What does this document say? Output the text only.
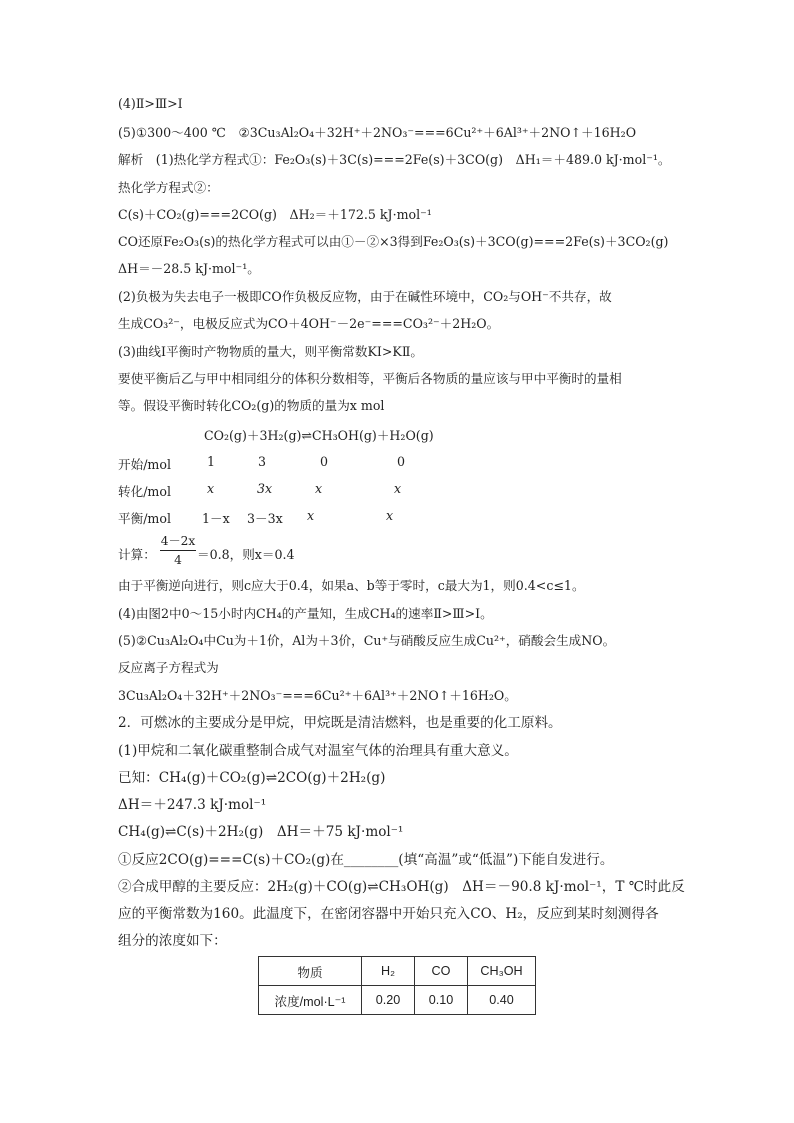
(4)Ⅱ>Ⅲ>Ⅰ
(5)①300～400 ℃　②3Cu₃Al₂O₄＋32H⁺＋2NO₃⁻===6Cu²⁺＋6Al³⁺＋2NO↑＋16H₂O
解析　(1)热化学方程式①：Fe₂O₃(s)＋3C(s)===2Fe(s)＋3CO(g)　ΔH₁＝＋489.0 kJ·mol⁻¹。
热化学方程式②：
C(s)＋CO₂(g)===2CO(g)　ΔH₂＝＋172.5 kJ·mol⁻¹
CO还原Fe₂O₃(s)的热化学方程式可以由①－②×3得到Fe₂O₃(s)＋3CO(g)===2Fe(s)＋3CO₂(g)
ΔH＝－28.5 kJ·mol⁻¹。
(2)负极为失去电子一极即CO作负极反应物，由于在碱性环境中，CO₂与OH⁻不共存，故
生成CO₃²⁻，电极反应式为CO＋4OH⁻－2e⁻===CO₃²⁻＋2H₂O。
(3)曲线Ⅰ平衡时产物物质的量大，则平衡常数KⅠ>KⅡ。
要使平衡后乙与甲中相同组分的体积分数相等，平衡后各物质的量应该与甲中平衡时的量相
等。假设平衡时转化CO₂(g)的物质的量为x mol
CO₂(g)＋3H₂(g)⇌CH₃OH(g)＋H₂O(g)
开始/mol	1	3	0	0
转化/mol	x	3x	x	x
平衡/mol 1－x 3－3x x	x
计算：
4－2x
4	＝0.8，则x＝0.4
由于平衡逆向进行，则c应大于0.4，如果a、b等于零时，c最大为1，则0.4<c≤1。
(4)由图2中0～15小时内CH₄的产量知，生成CH₄的速率Ⅱ>Ⅲ>Ⅰ。
(5)②Cu₃Al₂O₄中Cu为＋1价，Al为＋3价，Cu⁺与硝酸反应生成Cu²⁺，硝酸会生成NO。
反应离子方程式为
3Cu₃Al₂O₄＋32H⁺＋2NO₃⁻===6Cu²⁺＋6Al³⁺＋2NO↑＋16H₂O。
2．可燃冰的主要成分是甲烷，甲烷既是清洁燃料，也是重要的化工原料。
(1)甲烷和二氧化碳重整制合成气对温室气体的治理具有重大意义。
已知：CH₄(g)＋CO₂(g)⇌2CO(g)＋2H₂(g)
ΔH＝＋247.3 kJ·mol⁻¹
CH₄(g)⇌C(s)＋2H₂(g)　ΔH＝＋75 kJ·mol⁻¹
①反应2CO(g)===C(s)＋CO₂(g)在________(填“高温”或“低温”)下能自发进行。
②合成甲醇的主要反应：2H₂(g)＋CO(g)⇌CH₃OH(g)　ΔH＝－90.8 kJ·mol⁻¹，T ℃时此反
应的平衡常数为160。此温度下，在密闭容器中开始只充入CO、H₂，反应到某时刻测得各
组分的浓度如下：
物质	H₂	CO	CH₃OH
浓度/mol·L⁻¹	0.20	0.10	0.40
